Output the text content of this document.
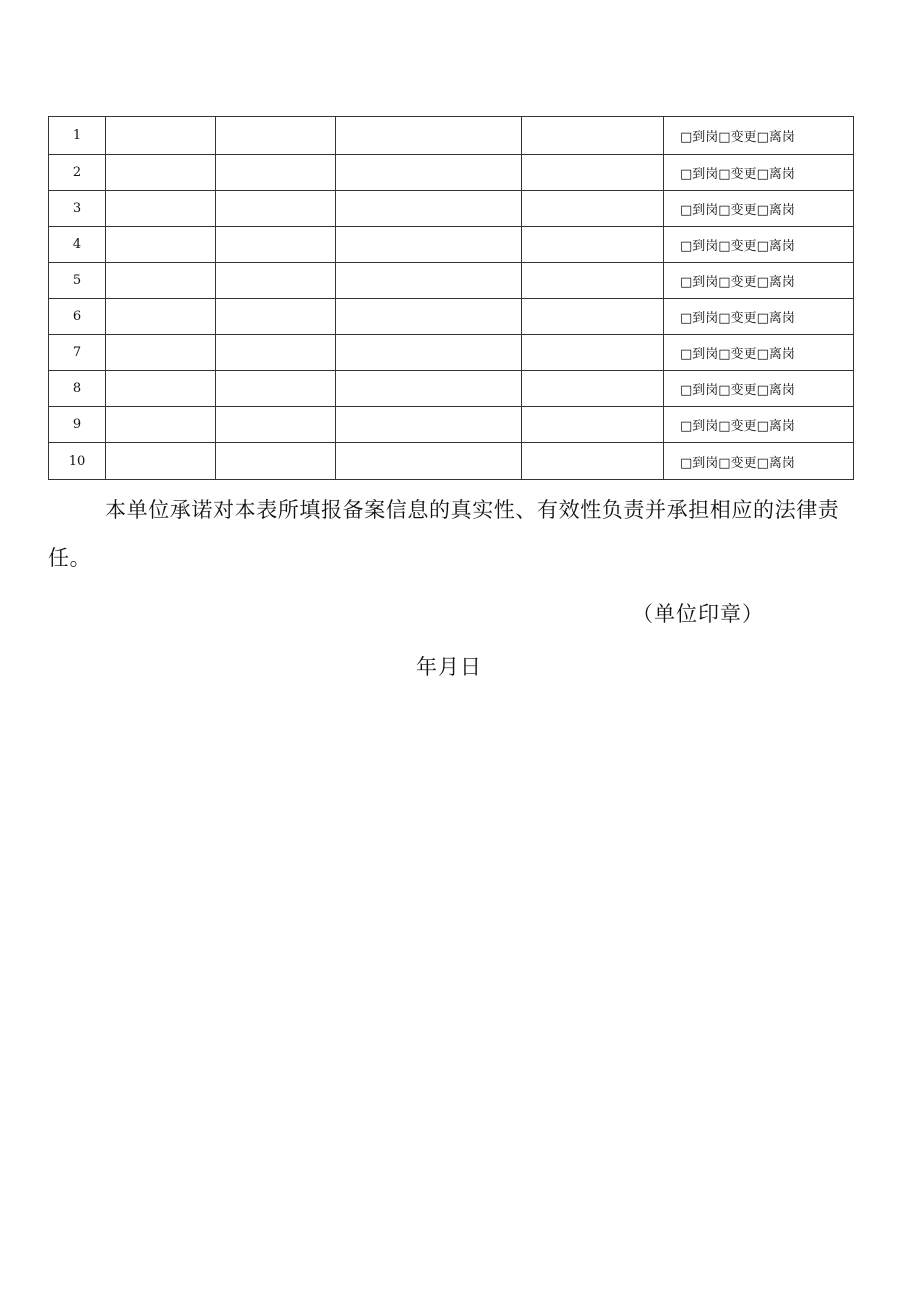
1					□到岗□变更□离岗
2					□到岗□变更□离岗
3					□到岗□变更□离岗
4					□到岗□变更□离岗
5					□到岗□变更□离岗
6					□到岗□变更□离岗
7					□到岗□变更□离岗
8					□到岗□变更□离岗
9					□到岗□变更□离岗
10					□到岗□变更□离岗

本单位承诺对本表所填报备案信息的真实性、有效性负责并承担相应的法律责任。

（单位印章）

年月日
